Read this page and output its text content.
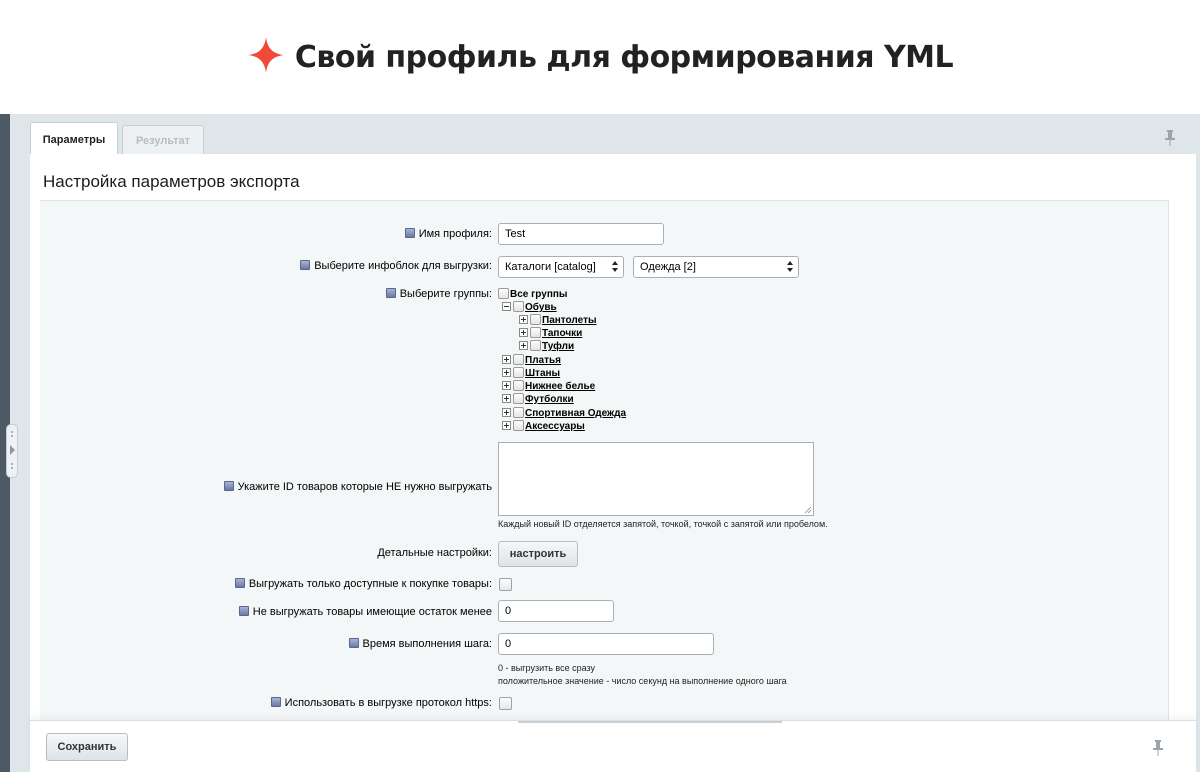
Свой профиль для формирования YML
Параметры	Результат
Настройка параметров экспорта
Имя профиля:	Test
Выберите инфоблок для выгрузки:	Каталоги [catalog]	Одежда [2]
Выберите группы:	Все группы
Обувь
Пантолеты
Тапочки
Туфли
Платья
Штаны
Нижнее белье
Футболки
Спортивная Одежда
Аксессуары
Укажите ID товаров которые НЕ нужно выгружать
Каждый новый ID отделяется запятой, точкой, точкой с запятой или пробелом.
Детальные настройки:	настроить
Выгружать только доступные к покупке товары:
Не выгружать товары имеющие остаток менее	0
Время выполнения шага:	0
0 - выгрузить все сразу
положительное значение - число секунд на выполнение одного шага
Использовать в выгрузке протокол https:
Сохранить
